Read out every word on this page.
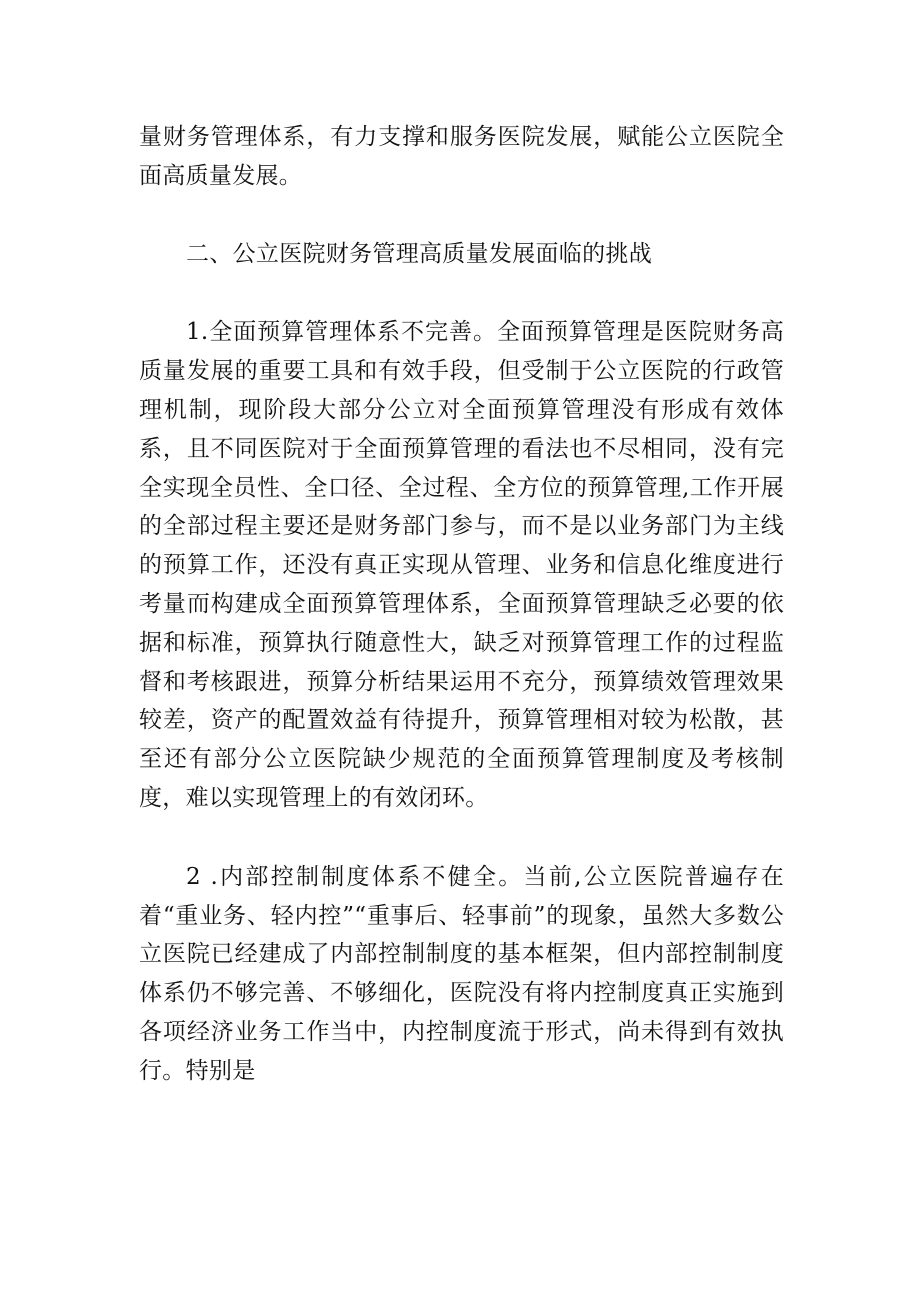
量财务管理体系，有力支撑和服务医院发展，赋能公立医院全面高质量发展。

二、公立医院财务管理高质量发展面临的挑战

1.全面预算管理体系不完善。全面预算管理是医院财务高质量发展的重要工具和有效手段，但受制于公立医院的行政管理机制，现阶段大部分公立对全面预算管理没有形成有效体系，且不同医院对于全面预算管理的看法也不尽相同，没有完全实现全员性、全口径、全过程、全方位的预算管理,工作开展的全部过程主要还是财务部门参与，而不是以业务部门为主线的预算工作，还没有真正实现从管理、业务和信息化维度进行考量而构建成全面预算管理体系，全面预算管理缺乏必要的依据和标准，预算执行随意性大，缺乏对预算管理工作的过程监督和考核跟进，预算分析结果运用不充分，预算绩效管理效果较差，资产的配置效益有待提升，预算管理相对较为松散，甚至还有部分公立医院缺少规范的全面预算管理制度及考核制度，难以实现管理上的有效闭环。

2 .内部控制制度体系不健全。当前,公立医院普遍存在着“重业务、轻内控”“重事后、轻事前”的现象，虽然大多数公立医院已经建成了内部控制制度的基本框架，但内部控制制度体系仍不够完善、不够细化，医院没有将内控制度真正实施到各项经济业务工作当中，内控制度流于形式，尚未得到有效执行。特别是
